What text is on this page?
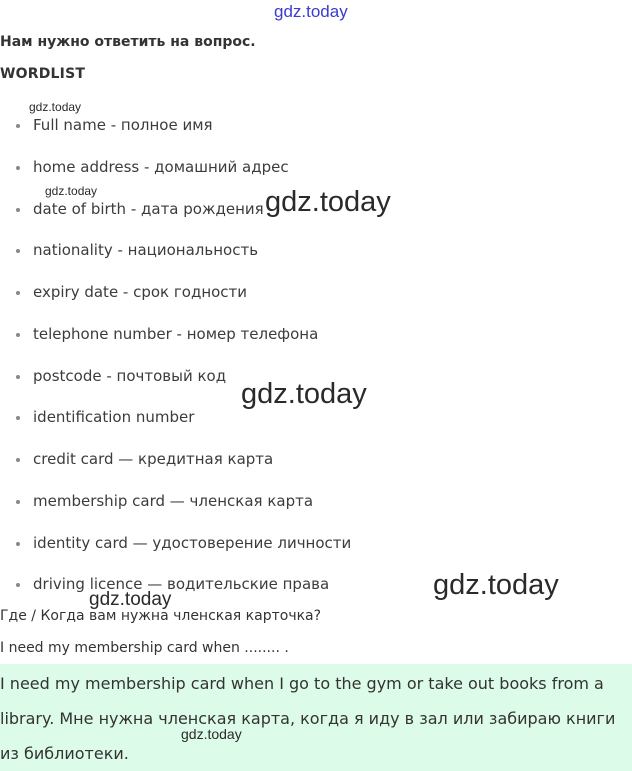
gdz.today
Нам нужно ответить на вопрос.
WORDLIST
Full name - полное имя
home address - домашний адрес
date of birth - дата рождения
nationality - национальность
expiry date - срок годности
telephone number - номер телефона
postcode - почтовый код
identification number
credit card — кредитная карта
membership card — членская карта
identity card — удостоверение личности
driving licence — водительские права
Где / Когда вам нужна членская карточка?
I need my membership card when ........ .
I need my membership card when I go to the gym or take out books from a
library. Мне нужна членская карта, когда я иду в зал или забираю книги
из библиотеки.
gdz.today
gdz.today	gdz.today
gdz.today
gdz.today
gdz.today
gdz.today
